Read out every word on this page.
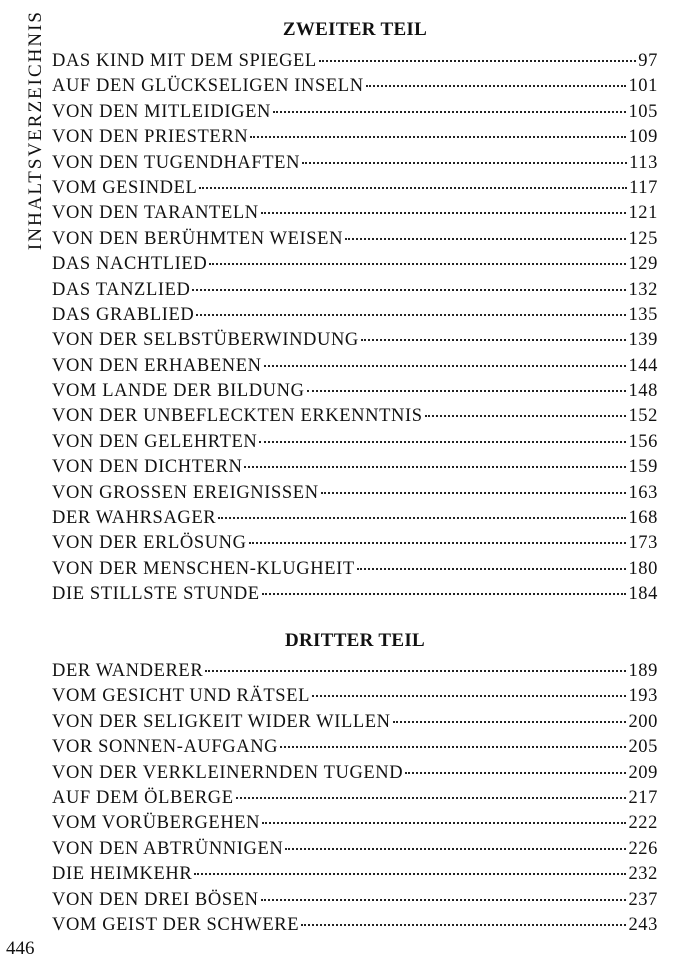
INHALTSVERZEICHNIS	ZWEITER TEIL
DAS KIND MIT DEM SPIEGEL	97
AUF DEN GLÜCKSELIGEN INSELN	101
VON DEN MITLEIDIGEN	105
VON DEN PRIESTERN	109
VON DEN TUGENDHAFTEN	113
VOM GESINDEL	117
VON DEN TARANTELN	121
VON DEN BERÜHMTEN WEISEN	125
DAS NACHTLIED	129
DAS TANZLIED	132
DAS GRABLIED	135
VON DER SELBSTÜBERWINDUNG	139
VON DEN ERHABENEN	144
VOM LANDE DER BILDUNG	148
VON DER UNBEFLECKTEN ERKENNTNIS	152
VON DEN GELEHRTEN	156
VON DEN DICHTERN	159
VON GROSSEN EREIGNISSEN	163
DER WAHRSAGER	168
VON DER ERLÖSUNG	173
VON DER MENSCHEN-KLUGHEIT	180
DIE STILLSTE STUNDE	184
DRITTER TEIL
DER WANDERER	189
VOM GESICHT UND RÄTSEL	193
VON DER SELIGKEIT WIDER WILLEN	200
VOR SONNEN-AUFGANG	205
VON DER VERKLEINERNDEN TUGEND	209
AUF DEM ÖLBERGE	217
VOM VORÜBERGEHEN	222
VON DEN ABTRÜNNIGEN	226
DIE HEIMKEHR	232
VON DEN DREI BÖSEN	237
VOM GEIST DER SCHWERE	243
446
